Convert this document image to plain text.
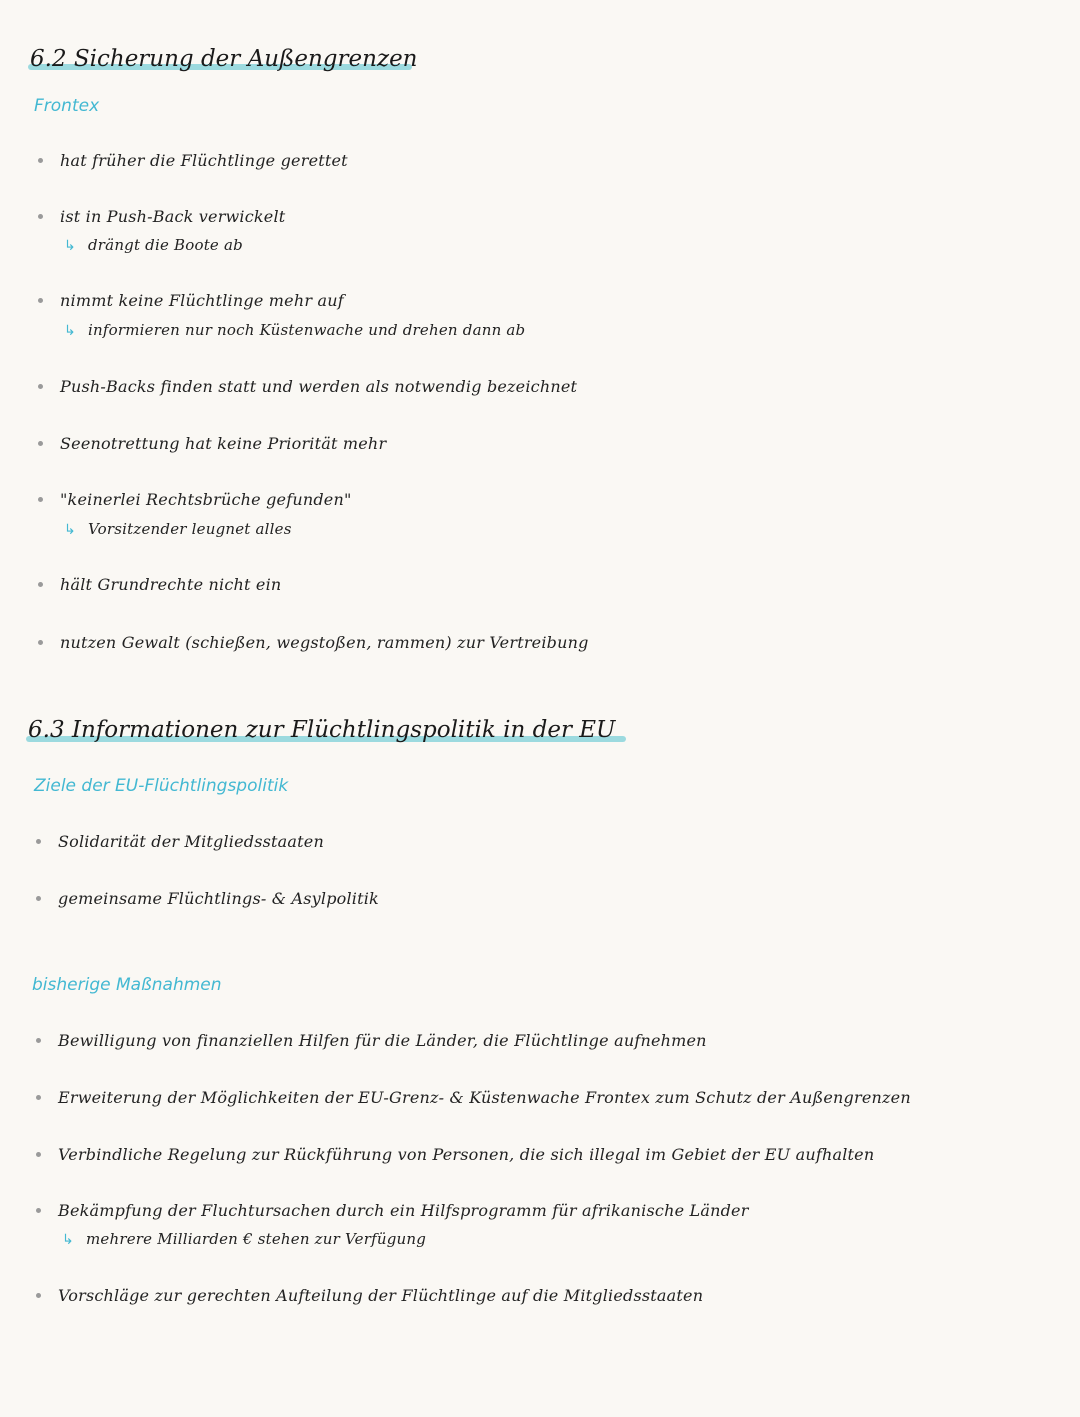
6.2 Sicherung der Außengrenzen
Frontex
hat früher die Flüchtlinge gerettet
ist in Push-Back verwickelt
↳ drängt die Boote ab
nimmt keine Flüchtlinge mehr auf
↳ informieren nur noch Küstenwache und drehen dann ab
Push-Backs finden statt und werden als notwendig bezeichnet
Seenotrettung hat keine Priorität mehr
"keinerlei Rechtsbrüche gefunden"
↳ Vorsitzender leugnet alles
hält Grundrechte nicht ein
nutzen Gewalt (schießen, wegstoßen, rammen) zur Vertreibung
6.3 Informationen zur Flüchtlingspolitik in der EU
Ziele der EU-Flüchtlingspolitik
Solidarität der Mitgliedsstaaten
gemeinsame Flüchtlings- & Asylpolitik
bisherige Maßnahmen
Bewilligung von finanziellen Hilfen für die Länder, die Flüchtlinge aufnehmen
Erweiterung der Möglichkeiten der EU-Grenz- & Küstenwache Frontex zum Schutz der Außengrenzen
Verbindliche Regelung zur Rückführung von Personen, die sich illegal im Gebiet der EU aufhalten
Bekämpfung der Fluchtursachen durch ein Hilfsprogramm für afrikanische Länder
↳ mehrere Milliarden € stehen zur Verfügung
Vorschläge zur gerechten Aufteilung der Flüchtlinge auf die Mitgliedsstaaten
